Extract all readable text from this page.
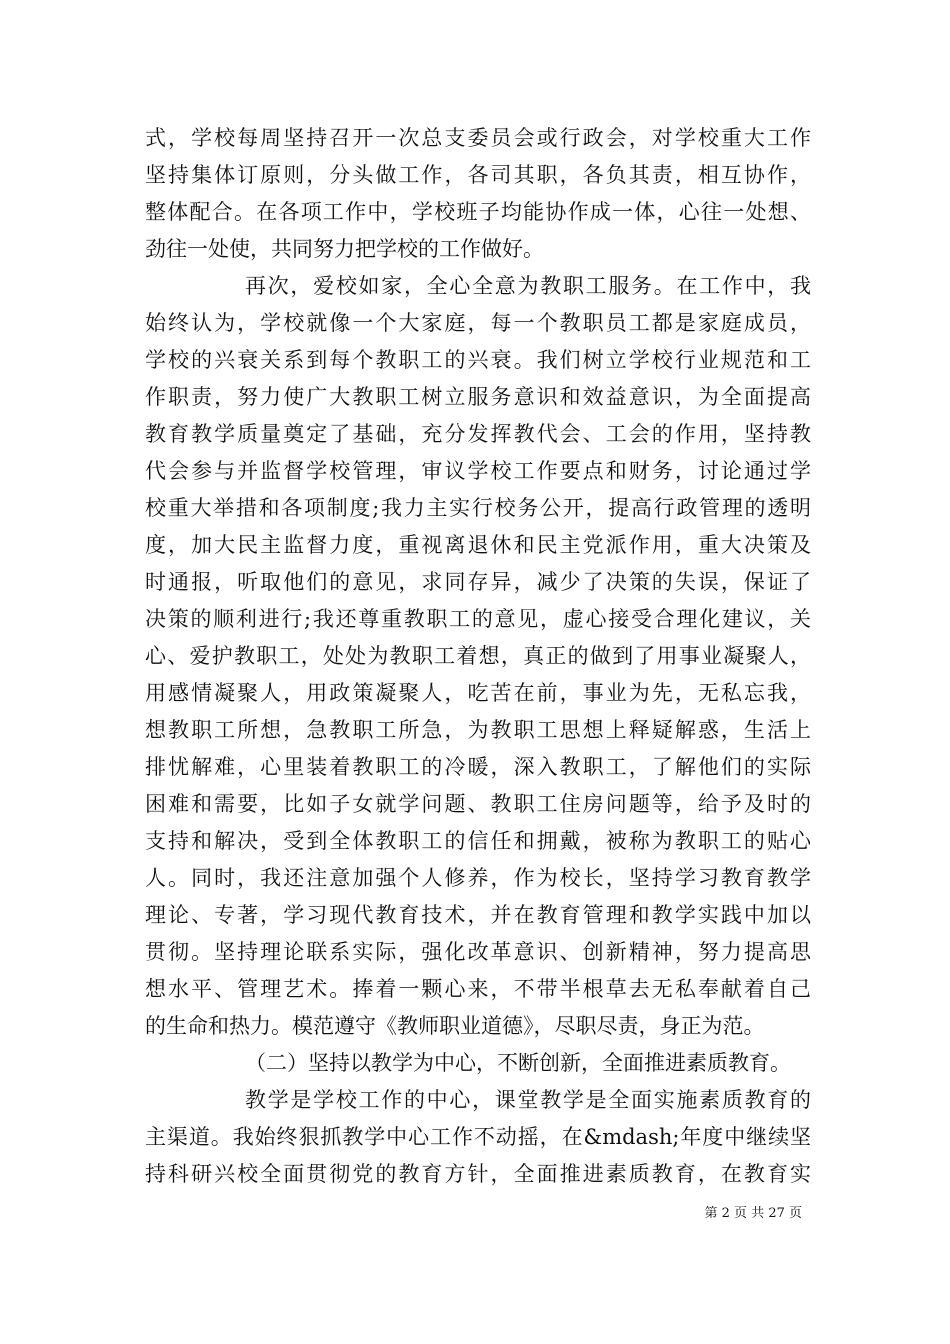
式，学校每周坚持召开一次总支委员会或行政会，对学校重大工作
坚持集体订原则，分头做工作，各司其职，各负其责，相互协作，
整体配合。在各项工作中，学校班子均能协作成一体，心往一处想、
劲往一处使，共同努力把学校的工作做好。
再次，爱校如家，全心全意为教职工服务。在工作中，我
始终认为，学校就像一个大家庭，每一个教职员工都是家庭成员，
学校的兴衰关系到每个教职工的兴衰。我们树立学校行业规范和工
作职责，努力使广大教职工树立服务意识和效益意识，为全面提高
教育教学质量奠定了基础，充分发挥教代会、工会的作用，坚持教
代会参与并监督学校管理，审议学校工作要点和财务，讨论通过学
校重大举措和各项制度;我力主实行校务公开，提高行政管理的透明
度，加大民主监督力度，重视离退休和民主党派作用，重大决策及
时通报，听取他们的意见，求同存异，减少了决策的失误，保证了
决策的顺利进行;我还尊重教职工的意见，虚心接受合理化建议，关
心、爱护教职工，处处为教职工着想，真正的做到了用事业凝聚人，
用感情凝聚人，用政策凝聚人，吃苦在前，事业为先，无私忘我，
想教职工所想，急教职工所急，为教职工思想上释疑解惑，生活上
排忧解难，心里装着教职工的冷暖，深入教职工，了解他们的实际
困难和需要，比如子女就学问题、教职工住房问题等，给予及时的
支持和解决，受到全体教职工的信任和拥戴，被称为教职工的贴心
人。同时，我还注意加强个人修养，作为校长，坚持学习教育教学
理论、专著，学习现代教育技术，并在教育管理和教学实践中加以
贯彻。坚持理论联系实际，强化改革意识、创新精神，努力提高思
想水平、管理艺术。捧着一颗心来，不带半根草去无私奉献着自己
的生命和热力。模范遵守《教师职业道德》，尽职尽责，身正为范。
（二）坚持以教学为中心，不断创新，全面推进素质教育。
教学是学校工作的中心，课堂教学是全面实施素质教育的
主渠道。我始终狠抓教学中心工作不动摇，在&mdash;年度中继续坚
持科研兴校全面贯彻党的教育方针，全面推进素质教育，在教育实
第 2 页 共 27 页
